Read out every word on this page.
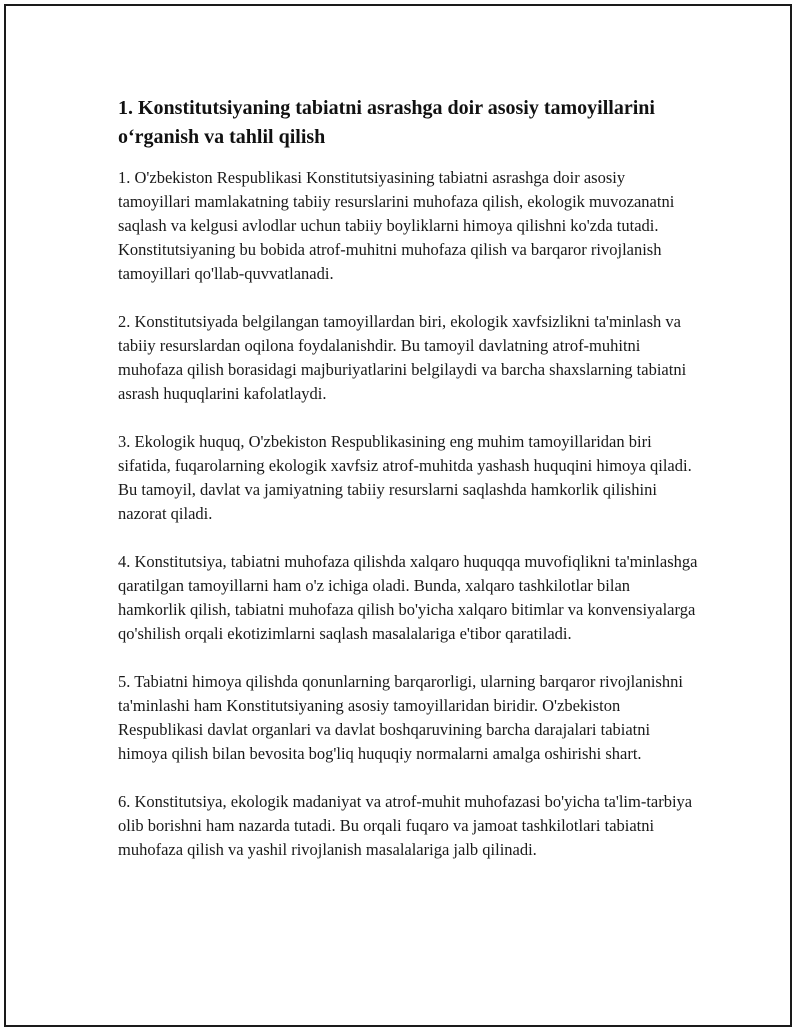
1. Konstitutsiyaning tabiatni asrashga doir asosiy tamoyillarini o‘rganish va tahlil qilish

1. O'zbekiston Respublikasi Konstitutsiyasining tabiatni asrashga doir asosiy tamoyillari mamlakatning tabiiy resurslarini muhofaza qilish, ekologik muvozanatni saqlash va kelgusi avlodlar uchun tabiiy boyliklarni himoya qilishni ko'zda tutadi. Konstitutsiyaning bu bobida atrof-muhitni muhofaza qilish va barqaror rivojlanish tamoyillari qo'llab-quvvatlanadi.

2. Konstitutsiyada belgilangan tamoyillardan biri, ekologik xavfsizlikni ta'minlash va tabiiy resurslardan oqilona foydalanishdir. Bu tamoyil davlatning atrof-muhitni muhofaza qilish borasidagi majburiyatlarini belgilaydi va barcha shaxslarning tabiatni asrash huquqlarini kafolatlaydi.

3. Ekologik huquq, O'zbekiston Respublikasining eng muhim tamoyillaridan biri sifatida, fuqarolarning ekologik xavfsiz atrof-muhitda yashash huquqini himoya qiladi. Bu tamoyil, davlat va jamiyatning tabiiy resurslarni saqlashda hamkorlik qilishini nazorat qiladi.

4. Konstitutsiya, tabiatni muhofaza qilishda xalqaro huquqqa muvofiqlikni ta'minlashga qaratilgan tamoyillarni ham o'z ichiga oladi. Bunda, xalqaro tashkilotlar bilan hamkorlik qilish, tabiatni muhofaza qilish bo'yicha xalqaro bitimlar va konvensiyalarga qo'shilish orqali ekotizimlarni saqlash masalalariga e'tibor qaratiladi.

5. Tabiatni himoya qilishda qonunlarning barqarorligi, ularning barqaror rivojlanishni ta'minlashi ham Konstitutsiyaning asosiy tamoyillaridan biridir. O'zbekiston Respublikasi davlat organlari va davlat boshqaruvining barcha darajalari tabiatni himoya qilish bilan bevosita bog'liq huquqiy normalarni amalga oshirishi shart.

6. Konstitutsiya, ekologik madaniyat va atrof-muhit muhofazasi bo'yicha ta'lim-tarbiya olib borishni ham nazarda tutadi. Bu orqali fuqaro va jamoat tashkilotlari tabiatni muhofaza qilish va yashil rivojlanish masalalariga jalb qilinadi.
